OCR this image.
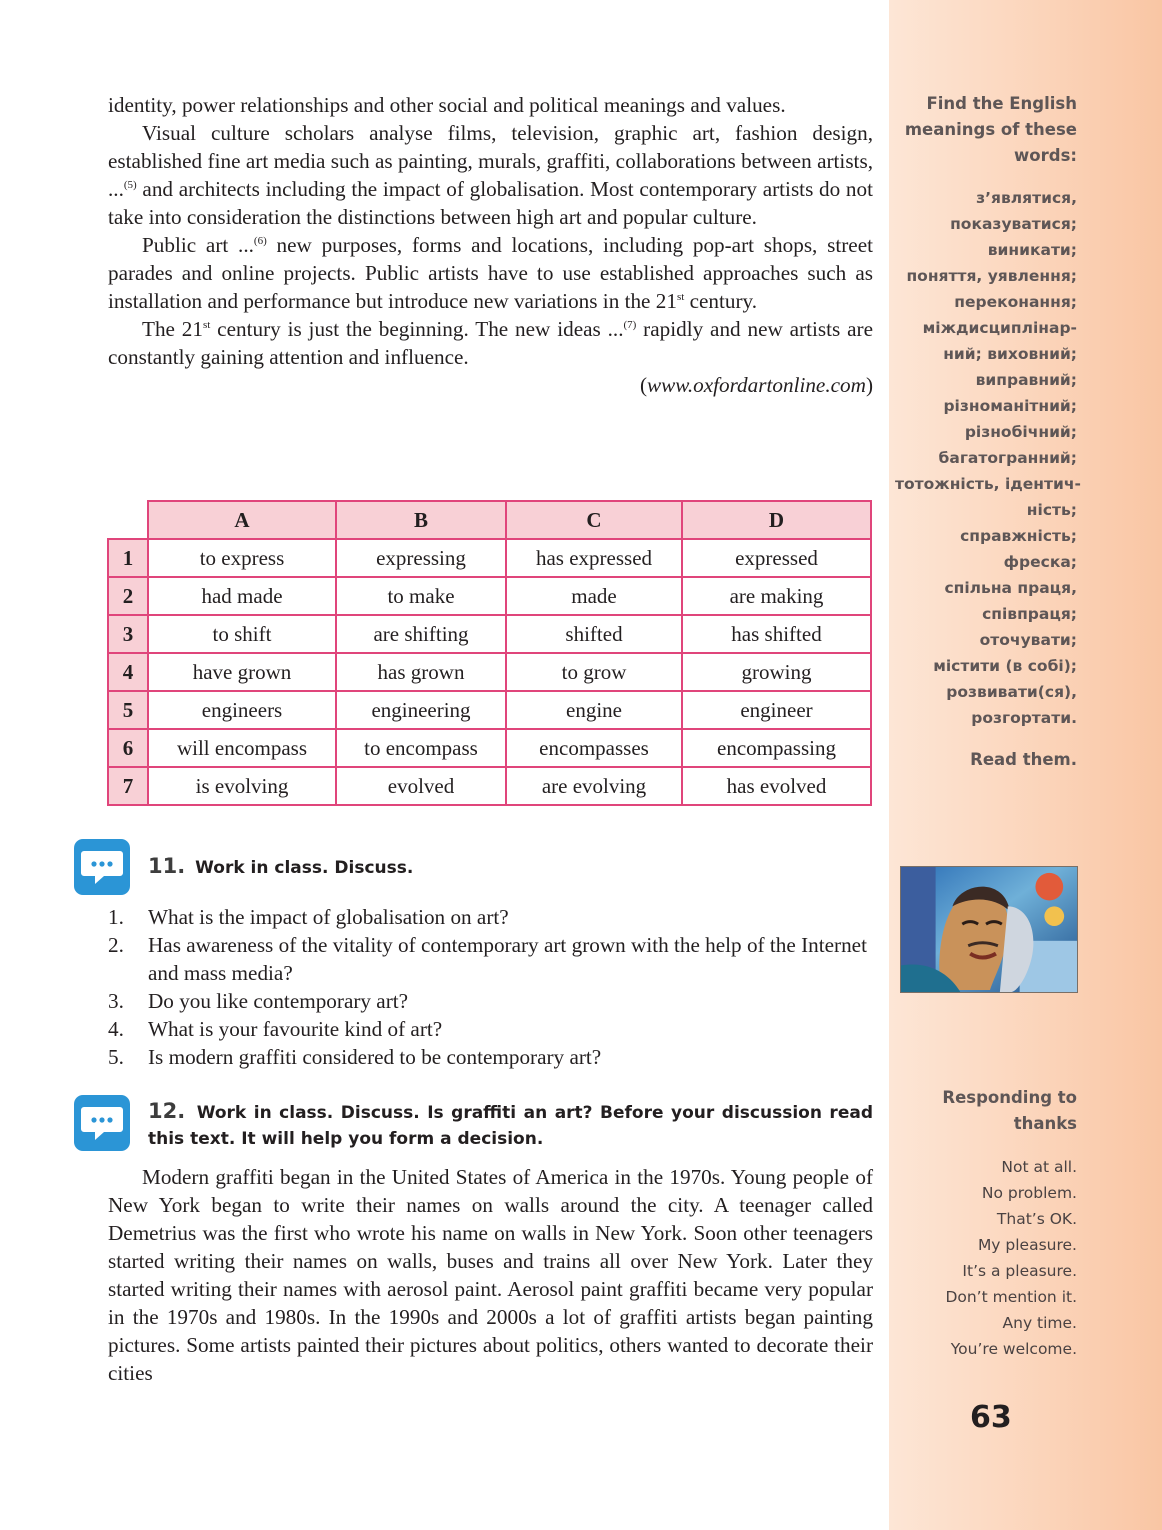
identity, power relationships and other social and political meanings and values.

Visual culture scholars analyse films, television, graphic art, fashion design, established fine art media such as painting, murals, graffiti, collaborations between artists, ...$^{(5)}$ and architects including the impact of globalisation. Most contemporary artists do not take into consideration the distinctions between high art and popular culture.

Public art ...$^{(6)}$ new purposes, forms and locations, including pop-art shops, street parades and online projects. Public artists have to use established approaches such as installation and performance but introduce new variations in the 21st century.

The 21st century is just the beginning. The new ideas ...$^{(7)}$ rapidly and new artists are constantly gaining attention and influence.

(www.oxfordartonline.com)

	A	B	C	D
1	to express	expressing	has expressed	expressed
2	had made	to make	made	are making
3	to shift	are shifting	shifted	has shifted
4	have grown	has grown	to grow	growing
5	engineers	engineering	engine	engineer
6	will encompass	to encompass	encompasses	encompassing
7	is evolving	evolved	are evolving	has evolved
11. Work in class. Discuss.
1. What is the impact of globalisation on art?
2. Has awareness of the vitality of contemporary art grown with the help of the Internet and mass media?
3. Do you like contemporary art?
4. What is your favourite kind of art?
5. Is modern graffiti considered to be contemporary art?
12. Work in class. Discuss. Is graffiti an art? Before your discussion read this text. It will help you form a decision.

Modern graffiti began in the United States of America in the 1970s. Young people of New York began to write their names on walls around the city. A teenager called Demetrius was the first who wrote his name on walls in New York. Soon other teenagers started writing their names on walls, buses and trains all over New York. Later they started writing their names with aerosol paint. Aerosol paint graffiti became very popular in the 1970s and 1980s. In the 1990s and 2000s a lot of graffiti artists began painting pictures. Some artists painted their pictures about politics, others wanted to decorate their cities

Find the English
meanings of these
words:
з’являтися,
показуватися;
виникати;
поняття, уявлення;
переконання;
міждисциплінар-
ний; виховний;
виправний;
різноманітний;
різнобічний;
багатогранний;
тотожність, ідентич-
ність;
справжність;
фреска;
спільна праця,
співпраця;
оточувати;
містити (в собі);
розвивати(ся),
розгортати.
Read them.
Responding to
thanks
Not at all.
No problem.
That’s OK.
My pleasure.
It’s a pleasure.
Don’t mention it.
Any time.
You’re welcome.
63
